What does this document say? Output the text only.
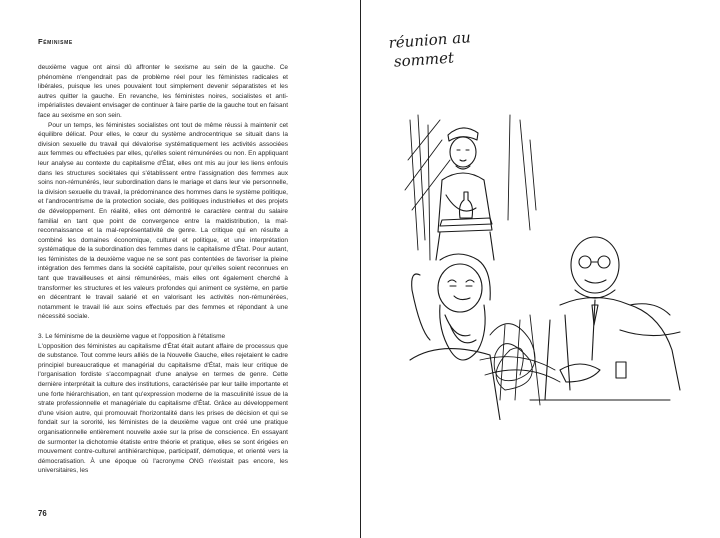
Féminisme

deuxième vague ont ainsi dû affronter le sexisme au sein de la gauche. Ce phénomène n'engendrait pas de problème réel pour les féministes radicales et libérales, puisque les unes pouvaient tout simplement devenir séparatistes et les autres quitter la gauche. En revanche, les féministes noires, socialistes et anti-impérialistes devaient envisager de continuer à faire partie de la gauche tout en faisant face au sexisme en son sein.

Pour un temps, les féministes socialistes ont tout de même réussi à maintenir cet équilibre délicat. Pour elles, le cœur du système androcentrique se situait dans la division sexuelle du travail qui dévalorise systématiquement les activités associées aux femmes ou effectuées par elles, qu'elles soient rémunérées ou non. En appliquant leur analyse au contexte du capitalisme d'État, elles ont mis au jour les liens enfouis dans les structures sociétales qui s'établissent entre l'assignation des femmes aux soins non-rémunérés, leur subordination dans le mariage et dans leur vie personnelle, la division sexuelle du travail, la prédominance des hommes dans le système politique, et l'androcentrisme de la protection sociale, des politiques industrielles et des projets de développement. En réalité, elles ont démontré le caractère central du salaire familial en tant que point de convergence entre la maldistribution, la mal-reconnaissance et la mal-représentativité de genre. La critique qui en résulte a combiné les domaines économique, culturel et politique, et une interprétation systématique de la subordination des femmes dans le capitalisme d'État. Pour autant, les féministes de la deuxième vague ne se sont pas contentées de favoriser la pleine intégration des femmes dans la société capitaliste, pour qu'elles soient reconnues en tant que travailleuses et ainsi rémunérées, mais elles ont également cherché à transformer les structures et les valeurs profondes qui animent ce système, en partie en décentrant le travail salarié et en valorisant les activités non-rémunérées, notamment le travail lié aux soins effectués par des femmes et répondant à une nécessité sociale.

3. Le féminisme de la deuxième vague et l'opposition à l'étatisme

L'opposition des féministes au capitalisme d'État était autant affaire de processus que de substance. Tout comme leurs alliés de la Nouvelle Gauche, elles rejetaient le cadre principiel bureaucratique et managérial du capitalisme d'État, mais leur critique de l'organisation fordiste s'accompagnait d'une analyse en termes de genre. Cette dernière interprétait la culture des institutions, caractérisée par leur taille importante et une forte hiérarchisation, en tant qu'expression moderne de la masculinité issue de la strate professionnelle et managériale du capitalisme d'État. Grâce au développement d'une vision autre, qui promouvait l'horizontalité dans les prises de décision et qui se fondait sur la sororité, les féministes de la deuxième vague ont créé une pratique organisationnelle entièrement nouvelle axée sur la prise de conscience. En essayant de surmonter la dichotomie étatiste entre théorie et pratique, elles se sont érigées en mouvement contre-culturel antihiérarchique, participatif, démotique, et orienté vers la démocratisation. À une époque où l'acronyme ONG n'existait pas encore, les universitaires, les

76
réunion au
sommet
